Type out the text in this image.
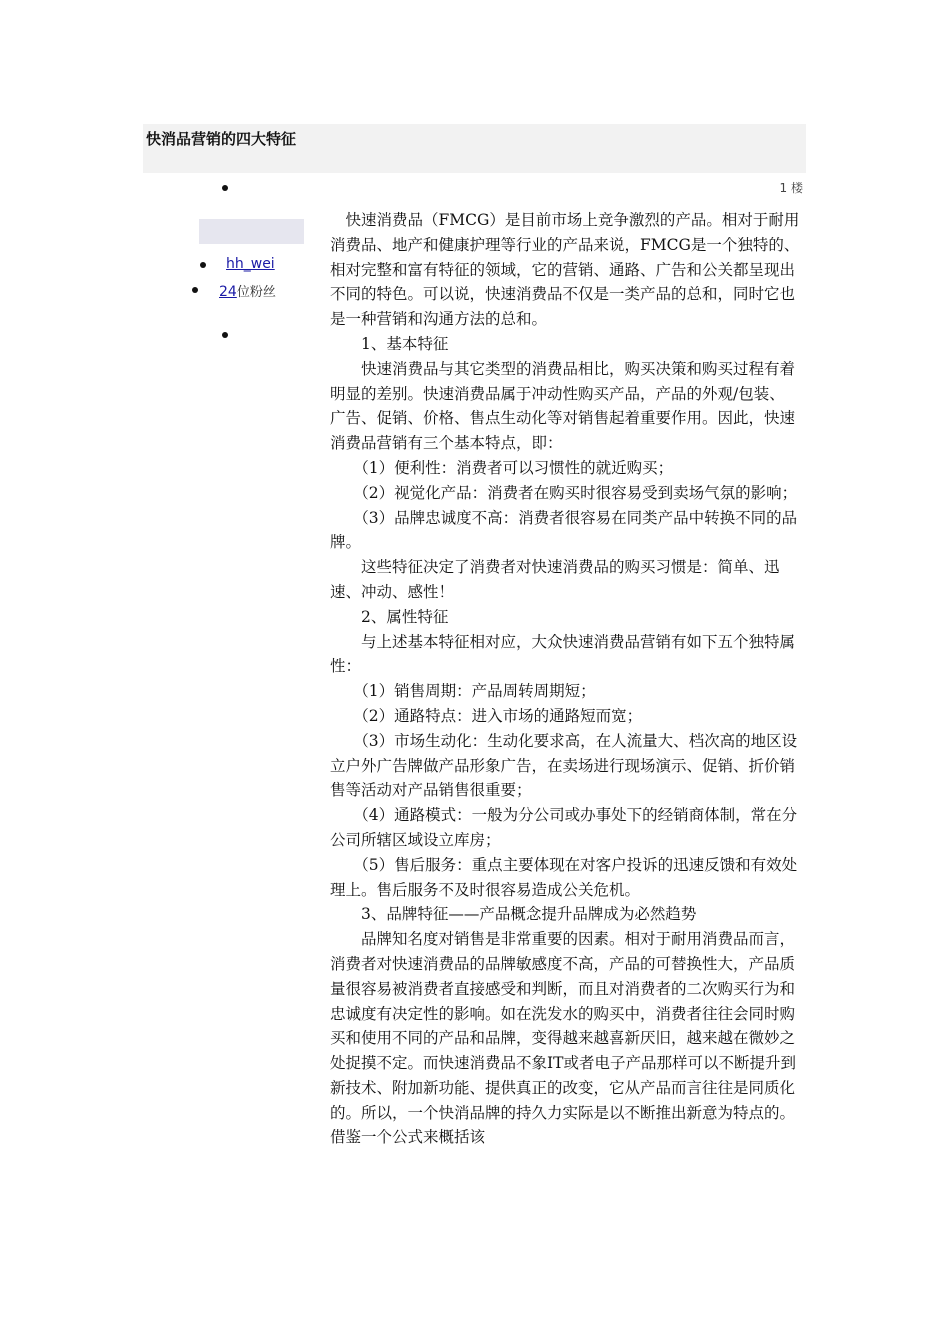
快消品营销的四大特征
1 楼
hh_wei
24位粉丝

　快速消费品（FMCG）是目前市场上竞争激烈的产品。相对于耐用消费品、地产和健康护理等行业的产品来说，FMCG是一个独特的、相对完整和富有特征的领域，它的营销、通路、广告和公关都呈现出不同的特色。可以说，快速消费品不仅是一类产品的总和，同时它也是一种营销和沟通方法的总和。

　　1、基本特征

　　快速消费品与其它类型的消费品相比，购买决策和购买过程有着明显的差别。快速消费品属于冲动性购买产品，产品的外观/包装、广告、促销、价格、售点生动化等对销售起着重要作用。因此，快速消费品营销有三个基本特点，即：

　　（1）便利性：消费者可以习惯性的就近购买；

　　（2）视觉化产品：消费者在购买时很容易受到卖场气氛的影响；

　　（3）品牌忠诚度不高：消费者很容易在同类产品中转换不同的品牌。

　　这些特征决定了消费者对快速消费品的购买习惯是：简单、迅速、冲动、感性！

　　2、属性特征

　　与上述基本特征相对应，大众快速消费品营销有如下五个独特属性：

　　（1）销售周期：产品周转周期短；

　　（2）通路特点：进入市场的通路短而宽；

　　（3）市场生动化：生动化要求高，在人流量大、档次高的地区设立户外广告牌做产品形象广告，在卖场进行现场演示、促销、折价销售等活动对产品销售很重要；

　　（4）通路模式：一般为分公司或办事处下的经销商体制，常在分公司所辖区域设立库房；

　　（5）售后服务：重点主要体现在对客户投诉的迅速反馈和有效处理上。售后服务不及时很容易造成公关危机。

　　3、品牌特征——产品概念提升品牌成为必然趋势

　　品牌知名度对销售是非常重要的因素。相对于耐用消费品而言，消费者对快速消费品的品牌敏感度不高，产品的可替换性大，产品质量很容易被消费者直接感受和判断，而且对消费者的二次购买行为和忠诚度有决定性的影响。如在洗发水的购买中，消费者往往会同时购买和使用不同的产品和品牌，变得越来越喜新厌旧，越来越在微妙之处捉摸不定。而快速消费品不象IT或者电子产品那样可以不断提升到新技术、附加新功能、提供真正的改变，它从产品而言往往是同质化的。所以，一个快消品牌的持久力实际是以不断推出新意为特点的。借鉴一个公式来概括该
